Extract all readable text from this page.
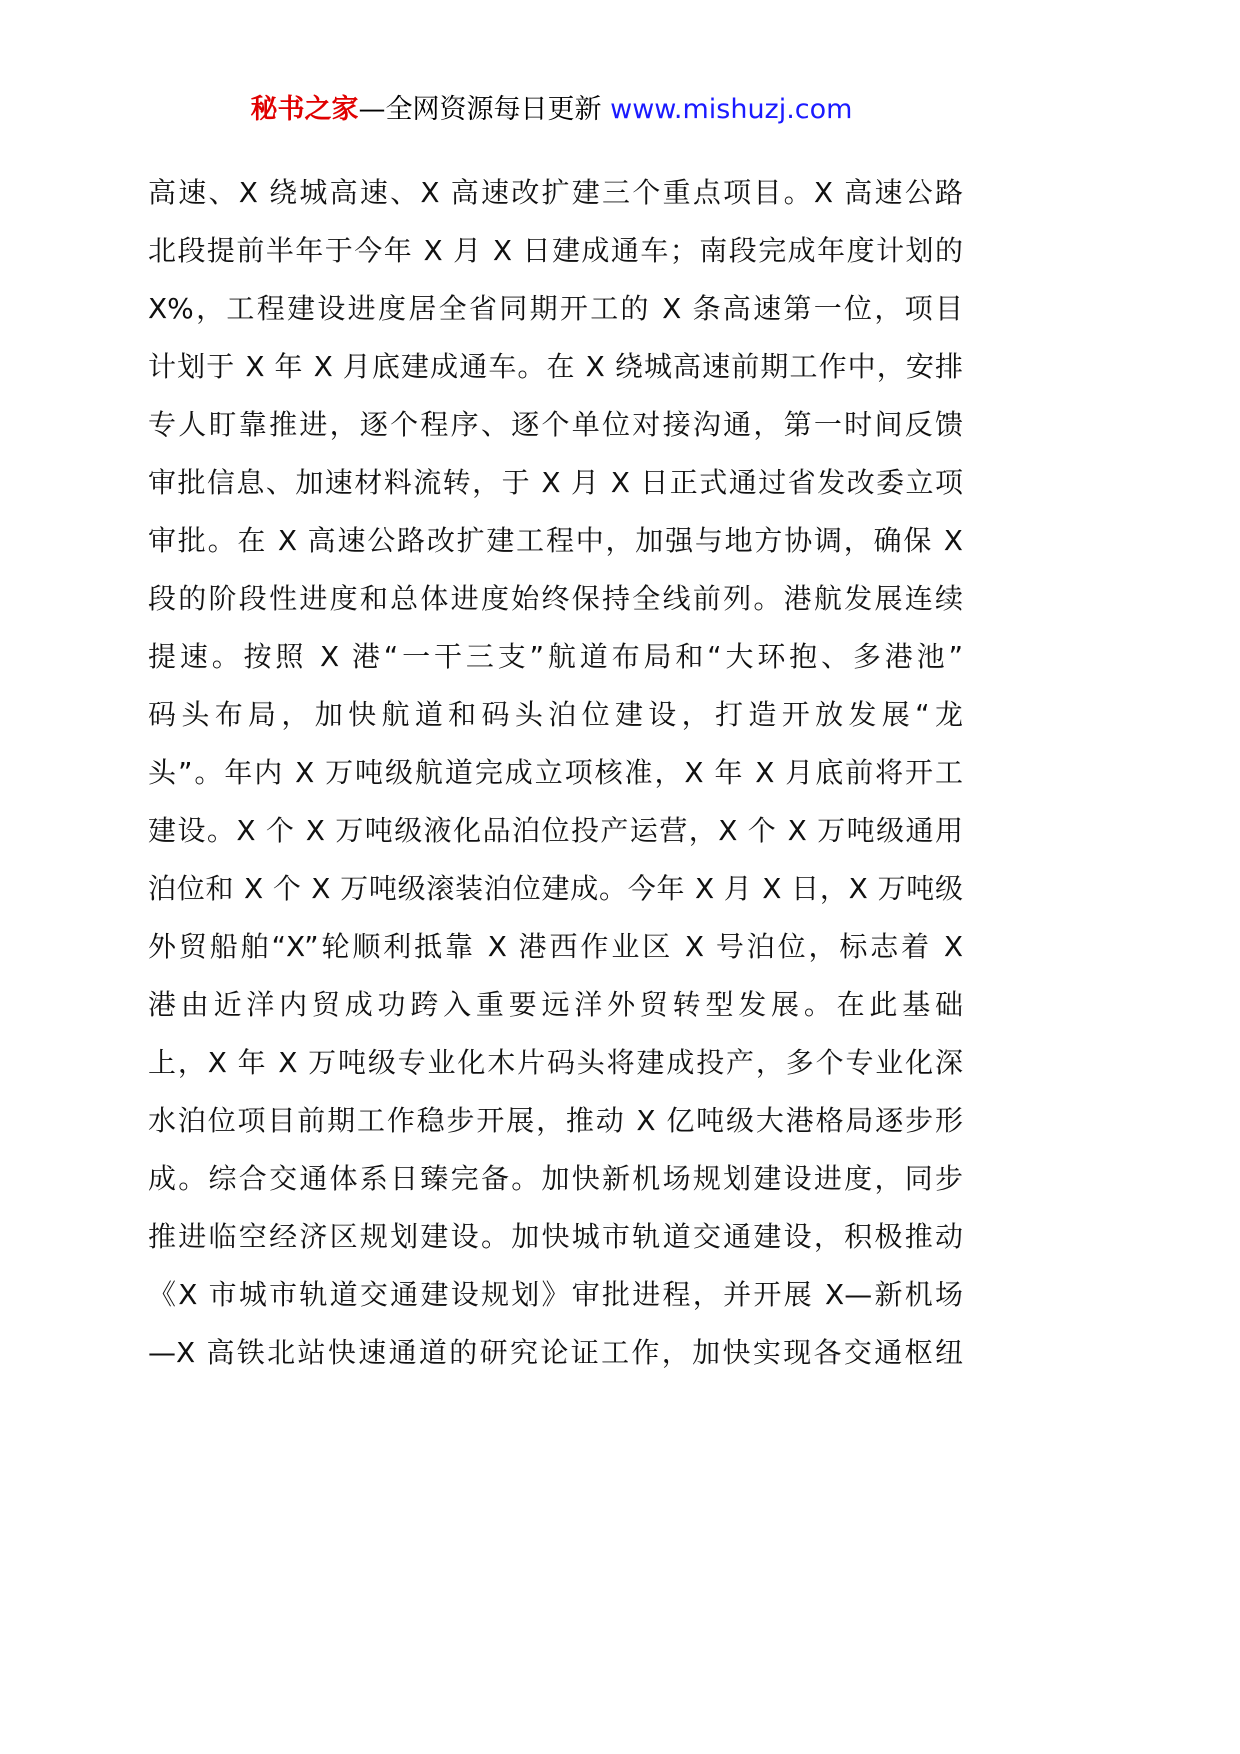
秘书之家—全网资源每日更新 www.mishuzj.com
高速、X 绕城高速、X 高速改扩建三个重点项目。X 高速公路
北段提前半年于今年 X 月 X 日建成通车；南段完成年度计划的
X%，工程建设进度居全省同期开工的 X 条高速第一位，项目
计划于 X 年 X 月底建成通车。在 X 绕城高速前期工作中，安排
专人盯靠推进，逐个程序、逐个单位对接沟通，第一时间反馈
审批信息、加速材料流转，于 X 月 X 日正式通过省发改委立项
审批。在 X 高速公路改扩建工程中，加强与地方协调，确保 X
段的阶段性进度和总体进度始终保持全线前列。港航发展连续
提速。按照 X 港“一干三支”航道布局和“大环抱、多港池”
码头布局，加快航道和码头泊位建设，打造开放发展“龙
头”。年内 X 万吨级航道完成立项核准，X 年 X 月底前将开工
建设。X 个 X 万吨级液化品泊位投产运营，X 个 X 万吨级通用
泊位和 X 个 X 万吨级滚装泊位建成。今年 X 月 X 日，X 万吨级
外贸船舶“X”轮顺利抵靠 X 港西作业区 X 号泊位，标志着 X
港由近洋内贸成功跨入重要远洋外贸转型发展。在此基础
上，X 年 X 万吨级专业化木片码头将建成投产，多个专业化深
水泊位项目前期工作稳步开展，推动 X 亿吨级大港格局逐步形
成。综合交通体系日臻完备。加快新机场规划建设进度，同步
推进临空经济区规划建设。加快城市轨道交通建设，积极推动
《X 市城市轨道交通建设规划》审批进程，并开展 X—新机场
—X 高铁北站快速通道的研究论证工作，加快实现各交通枢纽
